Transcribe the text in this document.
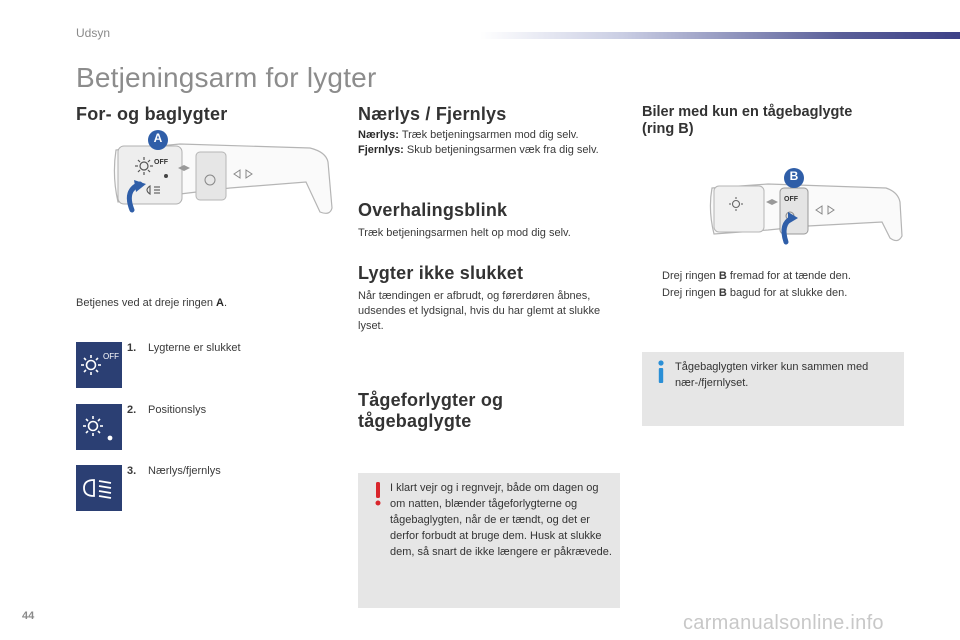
Udsyn
Betjeningsarm for lygter
For- og baglygter
A
OFF
Betjenes ved at dreje ringen A.
OFF
1. Lygterne er slukket
2. Positionslys
3. Nærlys/fjernlys
Nærlys / Fjernlys
Nærlys: Træk betjeningsarmen mod dig selv.
Fjernlys: Skub betjeningsarmen væk fra dig selv.
Overhalingsblink
Træk betjeningsarmen helt op mod dig selv.
Lygter ikke slukket
Når tændingen er afbrudt, og førerdøren åbnes, udsendes et lydsignal, hvis du har glemt at slukke lyset.
Tågeforlygter og
tågebaglygte
I klart vejr og i regnvejr, både om dagen og om natten, blænder tågeforlygterne og tågebaglygten, når de er tændt, og det er derfor forbudt at bruge dem. Husk at slukke dem, så snart de ikke længere er påkrævede.
Biler med kun en tågebaglygte
(ring B)
B
OFF
Drej ringen B fremad for at tænde den.
Drej ringen B bagud for at slukke den.
Tågebaglygten virker kun sammen med nær-/fjernlyset.
44	carmanualsonline.info
